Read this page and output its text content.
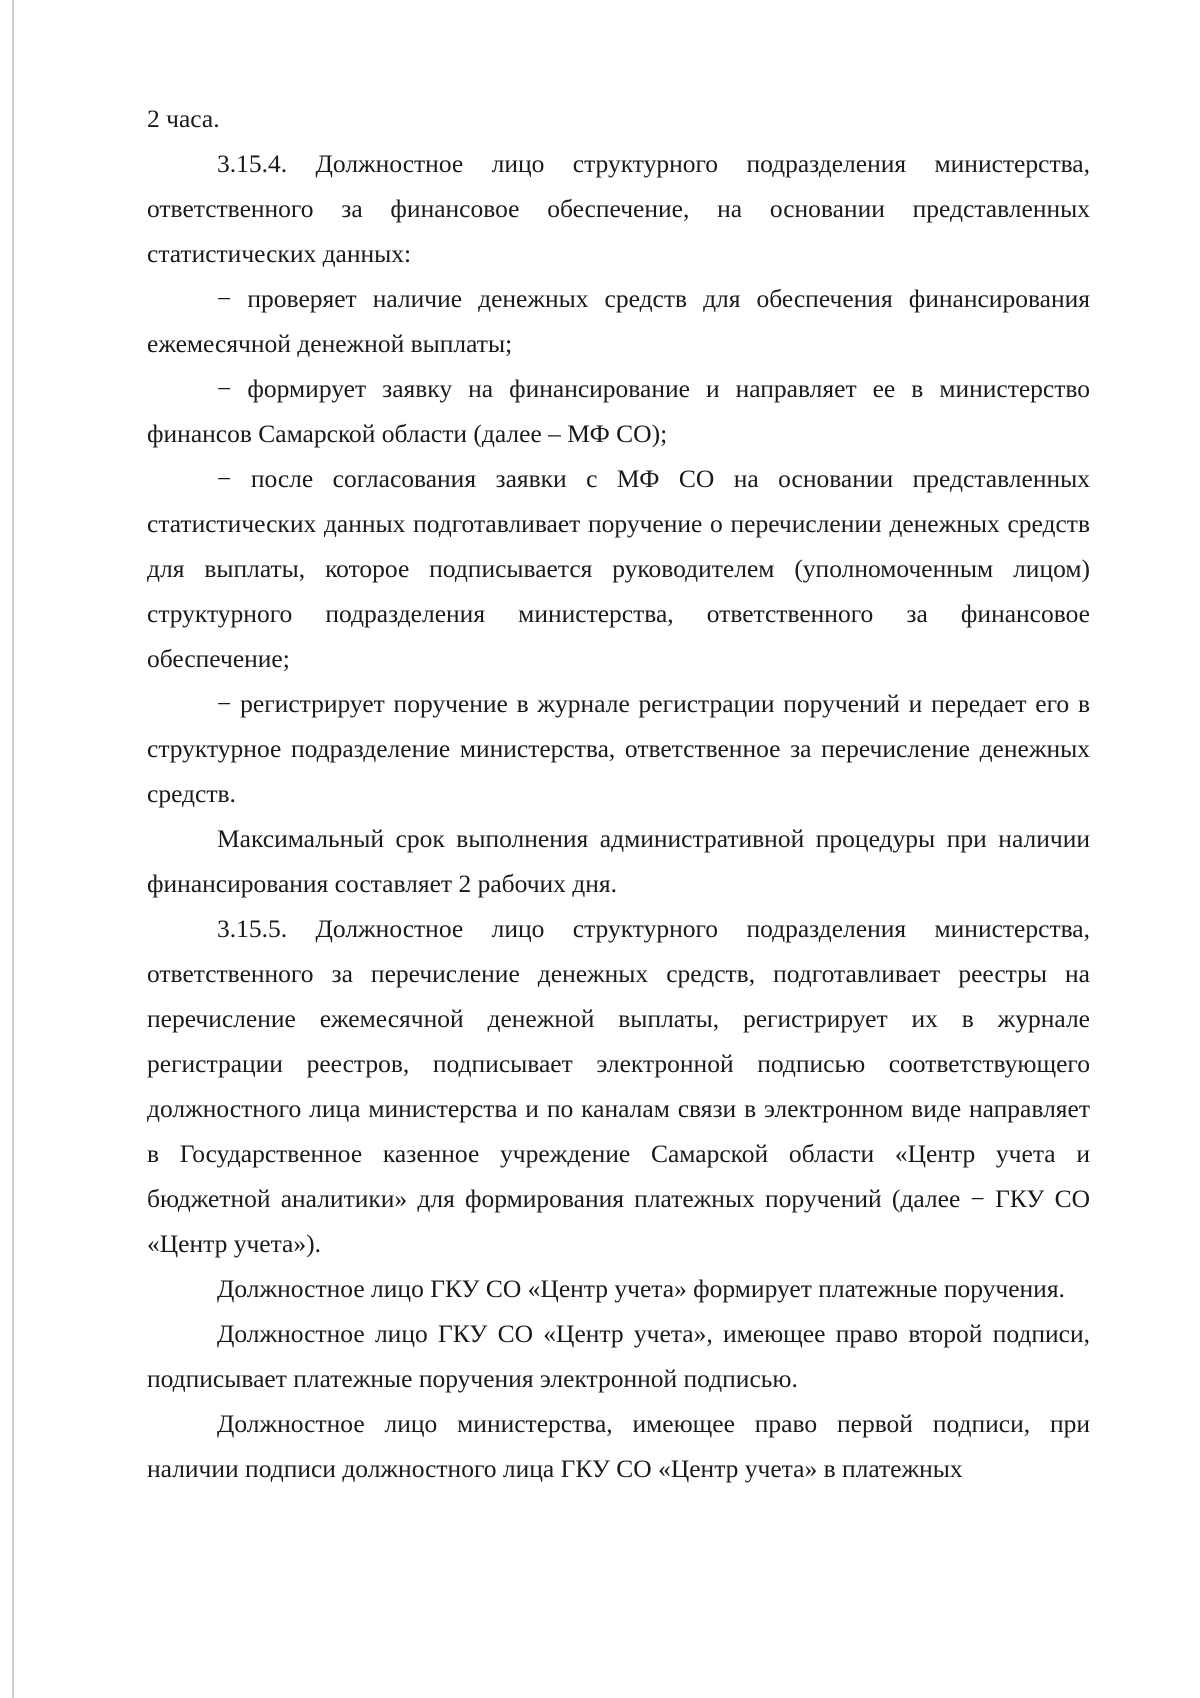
2 часа.

3.15.4. Должностное лицо структурного подразделения министерства, ответственного за финансовое обеспечение, на основании представленных статистических данных:

− проверяет наличие денежных средств для обеспечения финансирования ежемесячной денежной выплаты;

− формирует заявку на финансирование и направляет ее в министерство финансов Самарской области (далее – МФ СО);

− после согласования заявки с МФ СО на основании представленных статистических данных подготавливает поручение о перечислении денежных средств для выплаты, которое подписывается руководителем (уполномоченным лицом) структурного подразделения министерства, ответственного за финансовое обеспечение;

− регистрирует поручение в журнале регистрации поручений и передает его в структурное подразделение министерства, ответственное за перечисление денежных средств.

Максимальный срок выполнения административной процедуры при наличии финансирования составляет 2 рабочих дня.

3.15.5. Должностное лицо структурного подразделения министерства, ответственного за перечисление денежных средств, подготавливает реестры на перечисление ежемесячной денежной выплаты, регистрирует их в журнале регистрации реестров, подписывает электронной подписью соответствующего должностного лица министерства и по каналам связи в электронном виде направляет в Государственное казенное учреждение Самарской области «Центр учета и бюджетной аналитики» для формирования платежных поручений (далее − ГКУ СО «Центр учета»).

Должностное лицо ГКУ СО «Центр учета» формирует платежные поручения.

Должностное лицо ГКУ СО «Центр учета», имеющее право второй подписи, подписывает платежные поручения электронной подписью.

Должностное лицо министерства, имеющее право первой подписи, при наличии подписи должностного лица ГКУ СО «Центр учета» в платежных
